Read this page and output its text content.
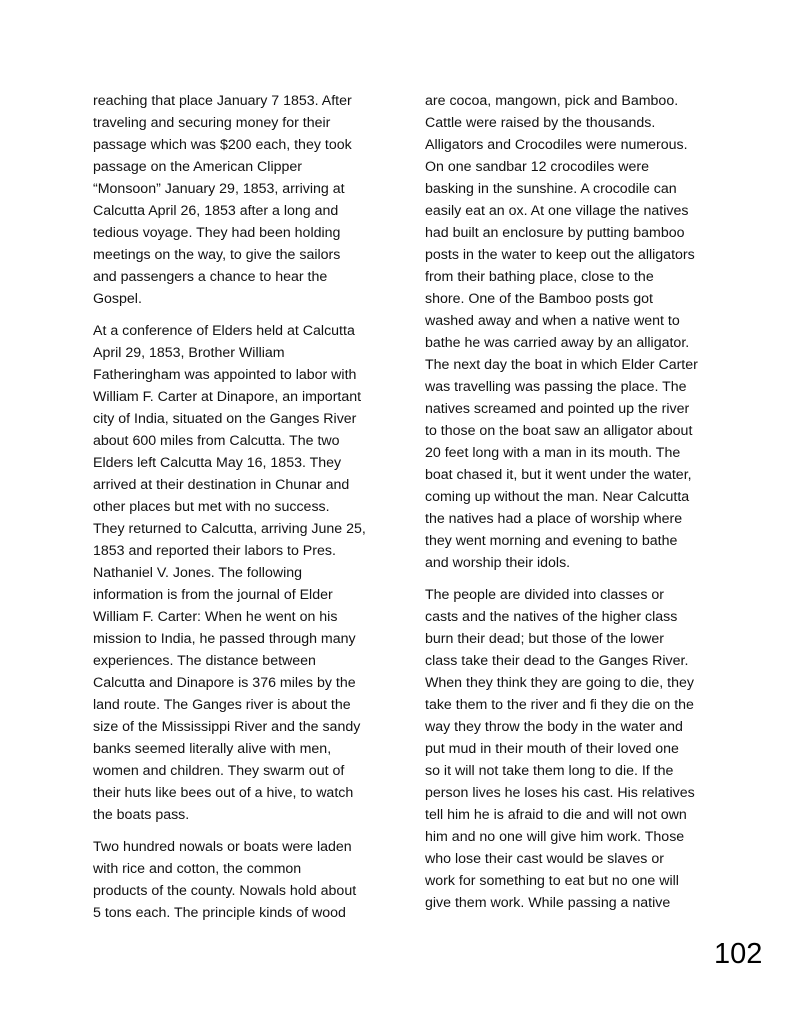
reaching that place January 7 1853. After
traveling and securing money for their
passage which was $200 each, they took
passage on the American Clipper
“Monsoon” January 29, 1853, arriving at
Calcutta April 26, 1853 after a long and
tedious voyage. They had been holding
meetings on the way, to give the sailors
and passengers a chance to hear the
Gospel.
At a conference of Elders held at Calcutta
April 29, 1853, Brother William
Fatheringham was appointed to labor with
William F. Carter at Dinapore, an important
city of India, situated on the Ganges River
about 600 miles from Calcutta. The two
Elders left Calcutta May 16, 1853. They
arrived at their destination in Chunar and
other places but met with no success.
They returned to Calcutta, arriving June 25,
1853 and reported their labors to Pres.
Nathaniel V. Jones. The following
information is from the journal of Elder
William F. Carter: When he went on his
mission to India, he passed through many
experiences. The distance between
Calcutta and Dinapore is 376 miles by the
land route. The Ganges river is about the
size of the Mississippi River and the sandy
banks seemed literally alive with men,
women and children. They swarm out of
their huts like bees out of a hive, to watch
the boats pass.
Two hundred nowals or boats were laden
with rice and cotton, the common
products of the county. Nowals hold about
5 tons each. The principle kinds of wood
are cocoa, mangown, pick and Bamboo.
Cattle were raised by the thousands.
Alligators and Crocodiles were numerous.
On one sandbar 12 crocodiles were
basking in the sunshine. A crocodile can
easily eat an ox. At one village the natives
had built an enclosure by putting bamboo
posts in the water to keep out the alligators
from their bathing place, close to the
shore. One of the Bamboo posts got
washed away and when a native went to
bathe he was carried away by an alligator.
The next day the boat in which Elder Carter
was travelling was passing the place. The
natives screamed and pointed up the river
to those on the boat saw an alligator about
20 feet long with a man in its mouth. The
boat chased it, but it went under the water,
coming up without the man. Near Calcutta
the natives had a place of worship where
they went morning and evening to bathe
and worship their idols.
The people are divided into classes or
casts and the natives of the higher class
burn their dead; but those of the lower
class take their dead to the Ganges River.
When they think they are going to die, they
take them to the river and fi they die on the
way they throw the body in the water and
put mud in their mouth of their loved one
so it will not take them long to die. If the
person lives he loses his cast. His relatives
tell him he is afraid to die and will not own
him and no one will give him work. Those
who lose their cast would be slaves or
work for something to eat but no one will
give them work. While passing a native
102
